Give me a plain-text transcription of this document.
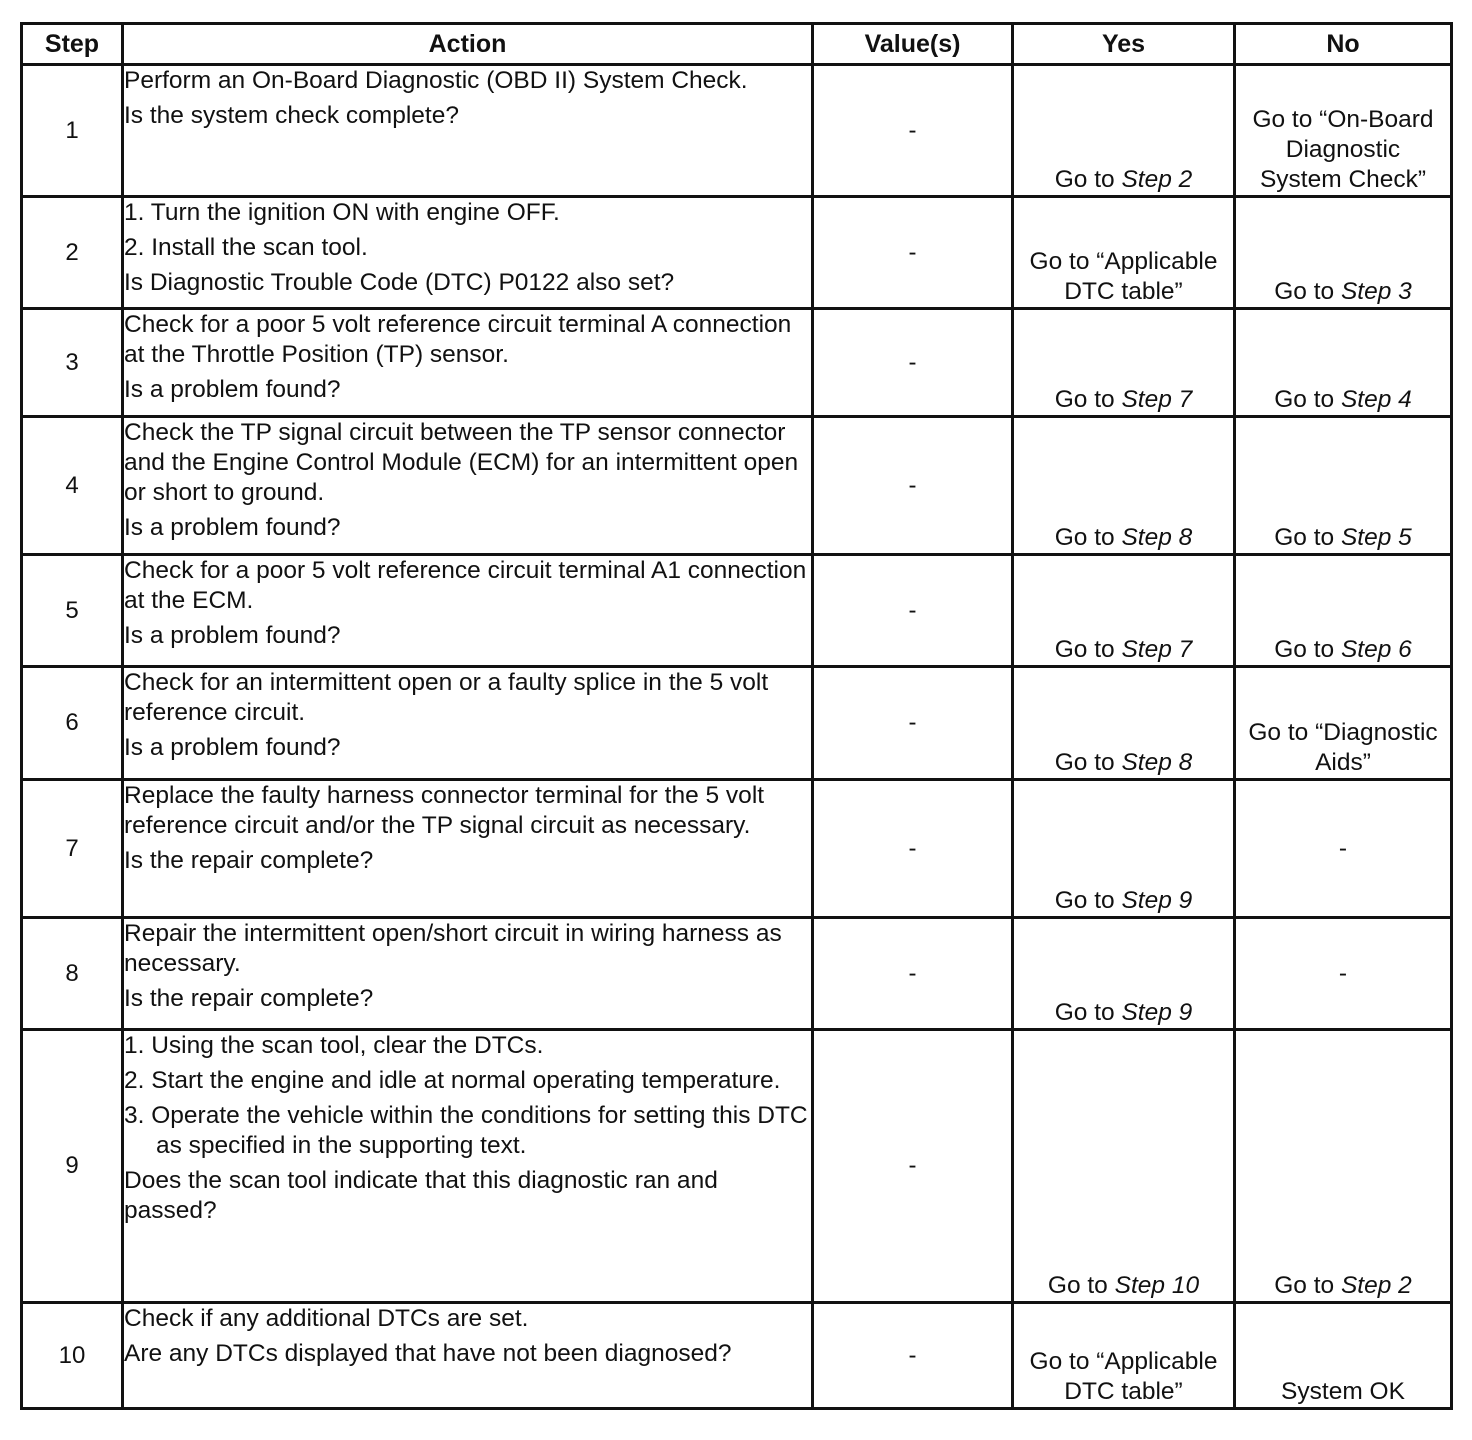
Step	Action	Value(s)	Yes	No
1	Perform an On-Board Diagnostic (OBD II) System Check.
Is the system check complete?	-	Go to Step 2	Go to “On-Board Diagnostic System Check”

2	1. Turn the ignition ON with engine OFF.
2. Install the scan tool.
Is Diagnostic Trouble Code (DTC) P0122 also set?	-	Go to “Applicable DTC table”	Go to Step 3

3	Check for a poor 5 volt reference circuit terminal A connection at the Throttle Position (TP) sensor.
Is a problem found?	-	Go to Step 7	Go to Step 4

4	Check the TP signal circuit between the TP sensor connector and the Engine Control Module (ECM) for an intermittent open or short to ground.
Is a problem found?	-	Go to Step 8	Go to Step 5

5	Check for a poor 5 volt reference circuit terminal A1 connection at the ECM.
Is a problem found?	-	Go to Step 7	Go to Step 6

6	Check for an intermittent open or a faulty splice in the 5 volt reference circuit.
Is a problem found?	-	Go to Step 8	Go to “Diagnostic Aids”

7	Replace the faulty harness connector terminal for the 5 volt reference circuit and/or the TP signal circuit as necessary.
Is the repair complete?	-	Go to Step 9	-

8	Repair the intermittent open/short circuit in wiring harness as necessary.
Is the repair complete?	-	Go to Step 9	-

9	1. Using the scan tool, clear the DTCs.
2. Start the engine and idle at normal operating temperature.
3. Operate the vehicle within the conditions for setting this DTC as specified in the supporting text.
Does the scan tool indicate that this diagnostic ran and passed?	-	Go to Step 10	Go to Step 2

10	Check if any additional DTCs are set.
Are any DTCs displayed that have not been diagnosed?	-	Go to “Applicable DTC table”	System OK
